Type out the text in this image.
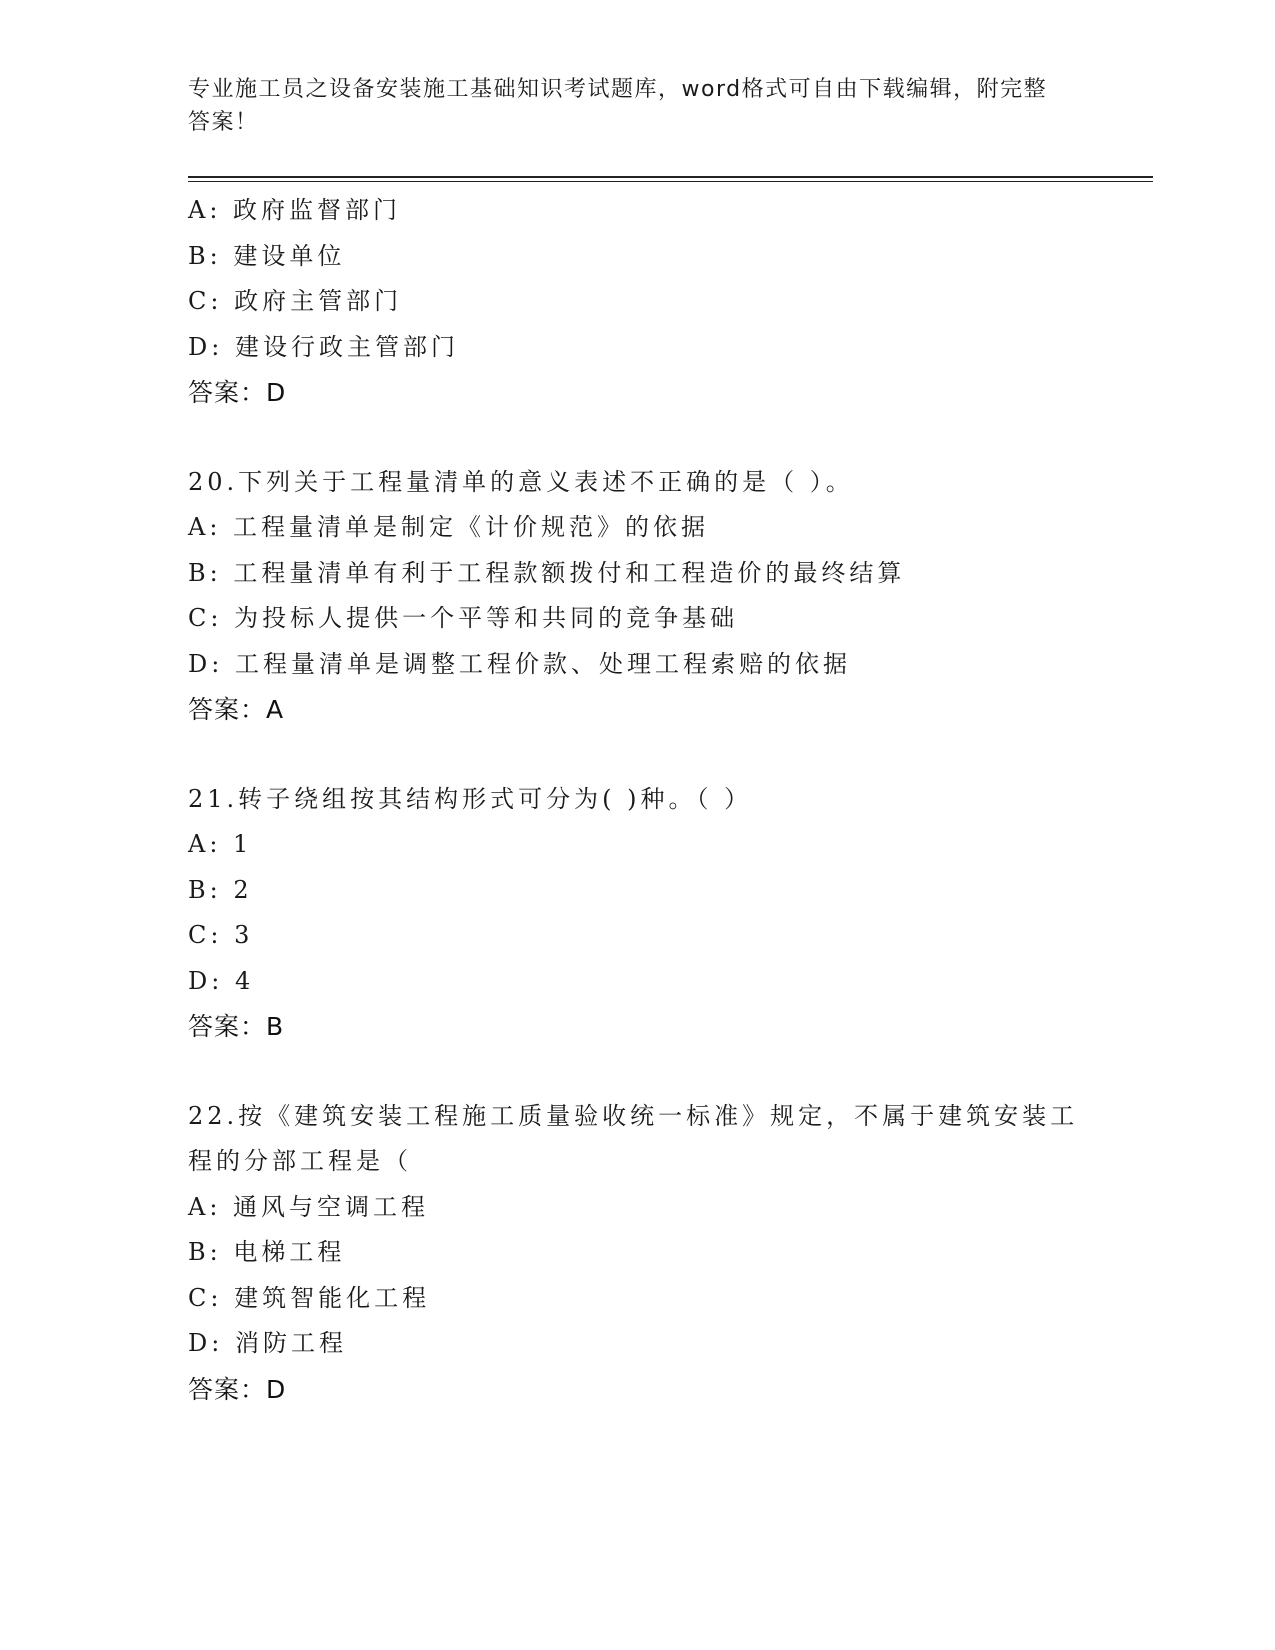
专业施工员之设备安装施工基础知识考试题库，word格式可自由下载编辑，附完整答案！
A: 政府监督部门
B: 建设单位
C: 政府主管部门
D: 建设行政主管部门
答案：D
20.下列关于工程量清单的意义表述不正确的是（ ）。
A: 工程量清单是制定《计价规范》的依据
B: 工程量清单有利于工程款额拨付和工程造价的最终结算
C: 为投标人提供一个平等和共同的竞争基础
D: 工程量清单是调整工程价款、处理工程索赔的依据
答案：A
21.转子绕组按其结构形式可分为( )种。（ ）
A: 1
B: 2
C: 3
D: 4
答案：B
22.按《建筑安装工程施工质量验收统一标准》规定，不属于建筑安装工程的分部工程是（
A: 通风与空调工程
B: 电梯工程
C: 建筑智能化工程
D: 消防工程
答案：D
